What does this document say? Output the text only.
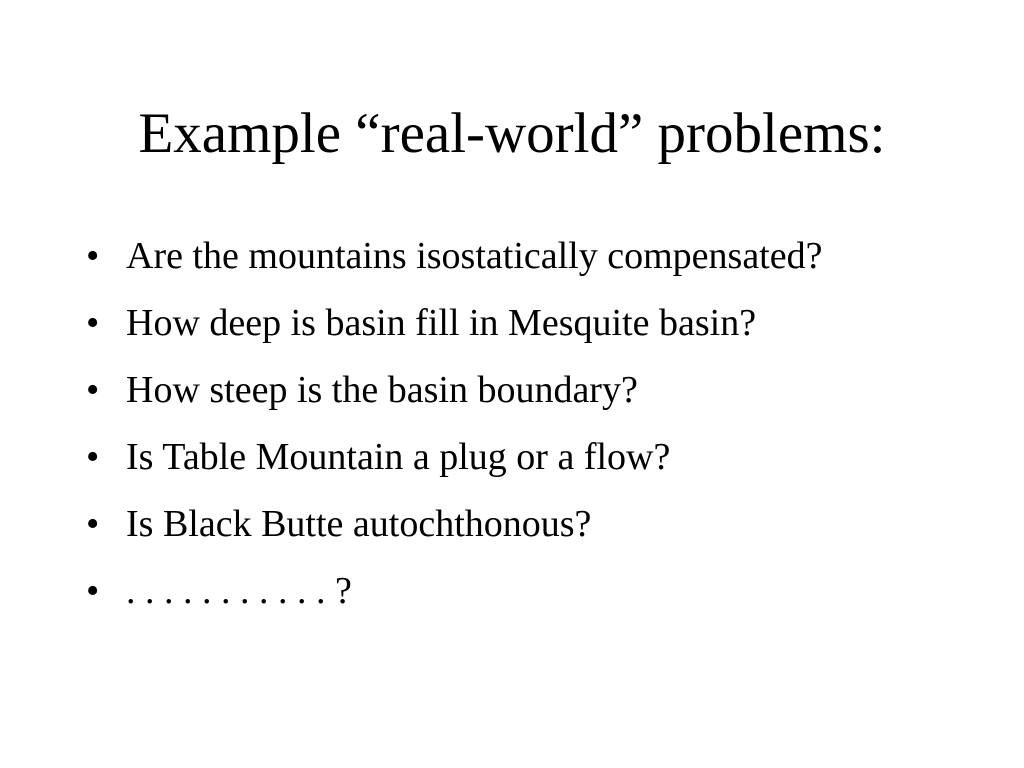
Example “real-world” problems:
• Are the mountains isostatically compensated?
• How deep is basin fill in Mesquite basin?
• How steep is the basin boundary?
• Is Table Mountain a plug or a flow?
• Is Black Butte autochthonous?
• . . . . . . . . . . . ?
